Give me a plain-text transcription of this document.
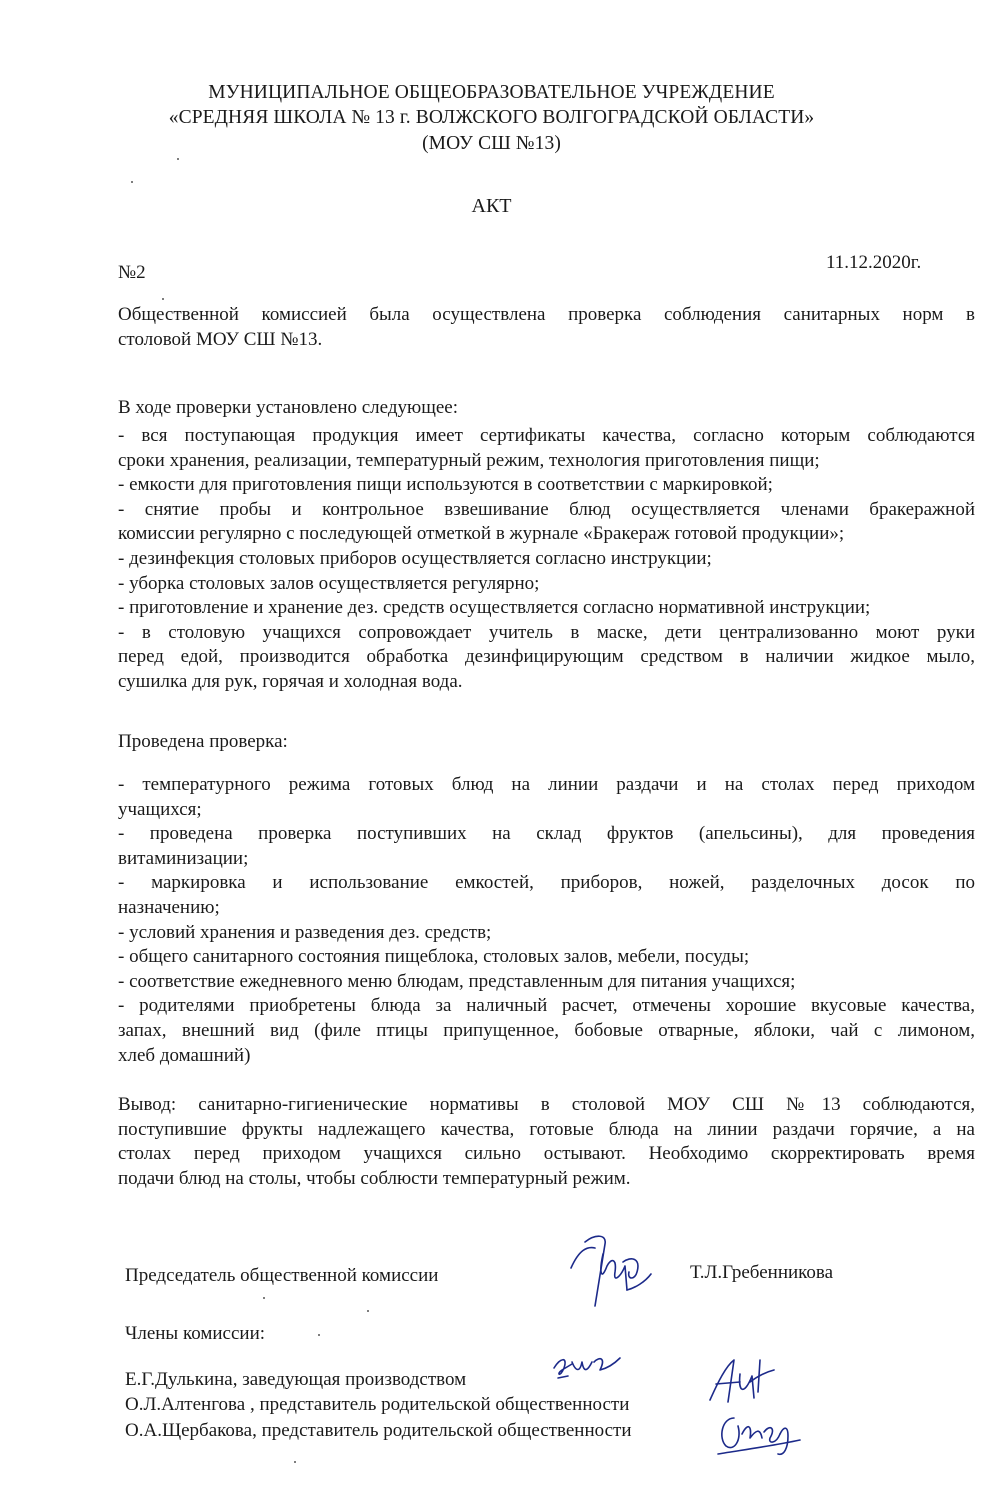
МУНИЦИПАЛЬНОЕ ОБЩЕОБРАЗОВАТЕЛЬНОЕ УЧРЕЖДЕНИЕ
«СРЕДНЯЯ ШКОЛА № 13 г. ВОЛЖСКОГО ВОЛГОГРАДСКОЙ ОБЛАСТИ»
(МОУ СШ №13)
АКТ
№2	11.12.2020г.

Общественной комиссией была осуществлена проверка соблюдения санитарных норм в

столовой МОУ СШ №13.

В ходе проверки установлено следующее:

- вся поступающая продукция имеет сертификаты качества, согласно которым соблюдаются

сроки хранения, реализации, температурный режим, технология приготовления пищи;

- емкости для приготовления пищи используются в соответствии с маркировкой;

- снятие пробы и контрольное взвешивание блюд осуществляется членами бракеражной

комиссии регулярно с последующей отметкой в журнале «Бракераж готовой продукции»;

- дезинфекция столовых приборов осуществляется согласно инструкции;

- уборка столовых залов осуществляется регулярно;

- приготовление и хранение дез. средств осуществляется согласно нормативной инструкции;

- в столовую учащихся сопровождает учитель в маске, дети централизованно моют руки

перед едой, производится обработка дезинфицирующим средством в наличии жидкое мыло,

сушилка для рук, горячая и холодная вода.

Проведена проверка:

- температурного режима готовых блюд на линии раздачи и на столах перед приходом

учащихся;

- проведена проверка поступивших на склад фруктов (апельсины), для проведения

витаминизации;

- маркировка и использование емкостей, приборов, ножей, разделочных досок по

назначению;

- условий хранения и разведения дез. средств;

- общего санитарного состояния пищеблока, столовых залов, мебели, посуды;

- соответствие ежедневного меню блюдам, представленным для питания учащихся;

- родителями приобретены блюда за наличный расчет, отмечены хорошие вкусовые качества,

запах, внешний вид (филе птицы припущенное, бобовые отварные, яблоки, чай с лимоном,

хлеб домашний)

Вывод: санитарно-гигиенические нормативы в столовой МОУ СШ №13 соблюдаются,

поступившие фрукты надлежащего качества, готовые блюда на линии раздачи горячие, а на

столах перед приходом учащихся сильно остывают. Необходимо скорректировать время

подачи блюд на столы, чтобы соблюсти температурный режим.

Председатель общественной комиссии	Т.Л.Гребенникова
Члены комиссии:
Е.Г.Дулькина, заведующая производством
О.Л.Алтенгова , представитель родительской общественности
О.А.Щербакова, представитель родительской общественности
